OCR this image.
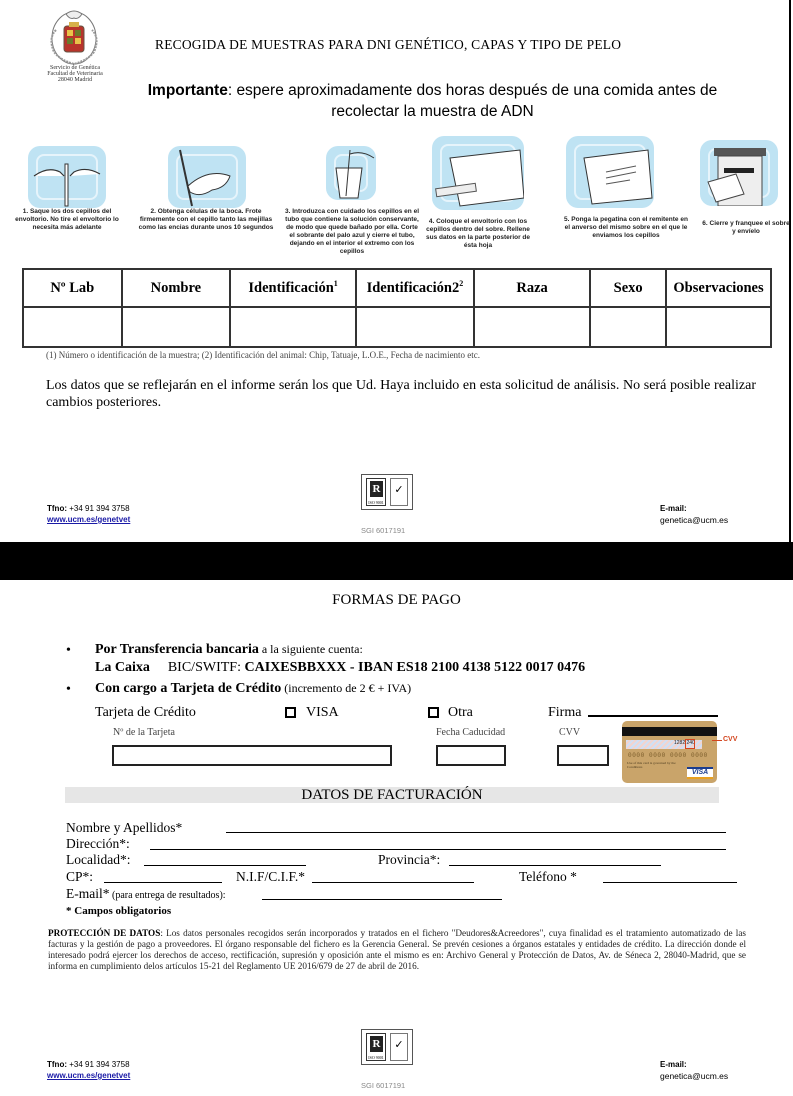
Servicio de Genética
Facultad de Veterinaria
28040 Madrid
RECOGIDA DE MUESTRAS PARA DNI GENÉTICO, CAPAS Y TIPO DE PELO
Importante: espere aproximadamente dos horas después de una comida antes de recolectar la muestra de ADN
1. Saque los dos cepillos del envoltorio. No tire el envoltorio lo necesita más adelante
2. Obtenga células de la boca. Frote firmemente con el cepillo tanto las mejillas como las encias durante unos 10 segundos
3. Introduzca con cuidado los cepillos en el tubo que contiene la solución conservante, de modo que quede bañado por ella. Corte el sobrante del palo azul y cierre el tubo, dejando en el interior el extremo con los cepillos
4. Coloque el envoltorio con los cepillos dentro del sobre. Rellene sus datos en la parte posterior de ésta hoja
5. Ponga la pegatina con el remitente en el anverso del mismo sobre en el que le enviamos los cepillos
6. Cierre y franquee el sobre y envíelo
Nº Lab	Nombre	Identificación$^1$	$Identificación2^2$	Raza	Sexo	Observaciones

(1) Número o identificación de la muestra; (2) Identificación del animal: Chip, Tatuaje, L.O.E., Fecha de nacimiento etc.
Los datos que se reflejarán en el informe serán los que Ud. Haya incluido en esta solicitud de análisis. No será posible realizar cambios posteriores.
R
ISO 9001
✓
Tfno: +34 91 394 3758
www.ucm.es/genetvet
SGI 6017191
E-mail:
genetica@ucm.es
FORMAS DE PAGO
• Por Transferencia bancaria a la siguiente cuenta:
La Caixa BIC/SWITF: CAIXESBBXXX - IBAN ES18 2100 4138 5122 0017 0476
• Con cargo a Tarjeta de Crédito (incremento de 2 € + IVA)
Tarjeta de Crédito	VISA	Otra	Firma
Nº de la Tarjeta	Fecha Caducidad	CVV
1282 240
0000 0000 0000 0000
Use of this card is governed by the Conditions
VISA
CVV
DATOS DE FACTURACIÓN
Nombre y Apellidos*
Dirección*:
Localidad*:	Provincia*:
CP*:	N.I.F/C.I.F.*	Teléfono *
E-mail* (para entrega de resultados):
* Campos obligatorios
PROTECCIÓN DE DATOS: Los datos personales recogidos serán incorporados y tratados en el fichero "Deudores&Acreedores", cuya finalidad es el tratamiento automatizado de las facturas y la gestión de pago a proveedores. El órgano responsable del fichero es la Gerencia General. Se prevén cesiones a órganos estatales y entidades de crédito. La dirección donde el interesado podrá ejercer los derechos de acceso, rectificación, supresión y oposición ante el mismo es en: Archivo General y Protección de Datos, Av. de Séneca 2, 28040-Madrid, que se informa en cumplimiento delos artículos 15-21 del Reglamento UE 2016/679 de 27 de abril de 2016.
R
ISO 9001
✓
Tfno: +34 91 394 3758
www.ucm.es/genetvet
SGI 6017191
E-mail:
genetica@ucm.es
